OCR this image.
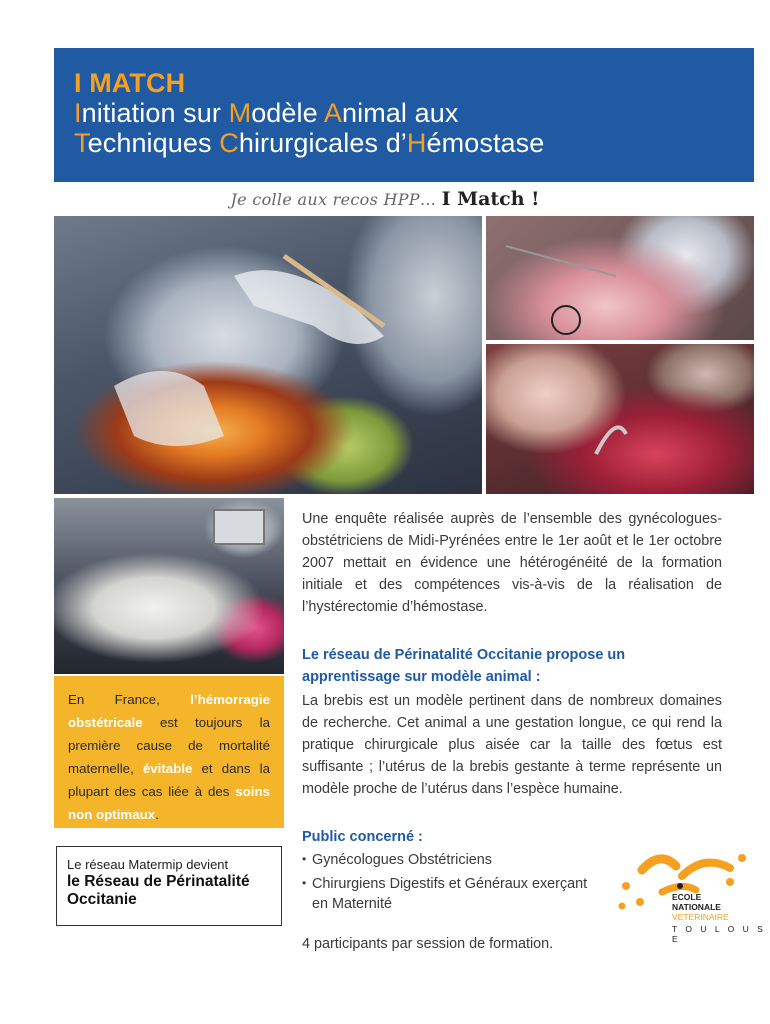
I MATCH
Initiation sur Modèle Animal aux
Techniques Chirurgicales d’Hémostase
Je colle aux recos HPP… I Match !

En France, l’hémorragie obstétricale est toujours la première cause de mortalité maternelle, évitable et dans la plupart des cas liée à des soins non optimaux.

Le réseau Matermip devient
le Réseau de Périnatalité Occitanie

Une enquête réalisée auprès de l’ensemble des gynécologues-obstétriciens de Midi-Pyrénées entre le 1er août et le 1er octobre 2007 mettait en évidence une hétérogénéité de la formation initiale et des compétences vis-à-vis de la réalisation de l’hystérectomie d’hémostase.

Le réseau de Périnatalité Occitanie propose un apprentissage sur modèle animal :

La brebis est un modèle pertinent dans de nombreux domaines de recherche. Cet animal a une gestation longue, ce qui rend la pratique chirurgicale plus aisée car la taille des fœtus est suffisante ; l’utérus de la brebis gestante à terme représente un modèle proche de l’utérus dans l’espèce humaine.

Public concerné :
• Gynécologues Obstétriciens
• Chirurgiens Digestifs et Généraux exerçant en Maternité
4 participants par session de formation.
ECOLE
NATIONALE
VETERINAIRE
T O U L O U S E
